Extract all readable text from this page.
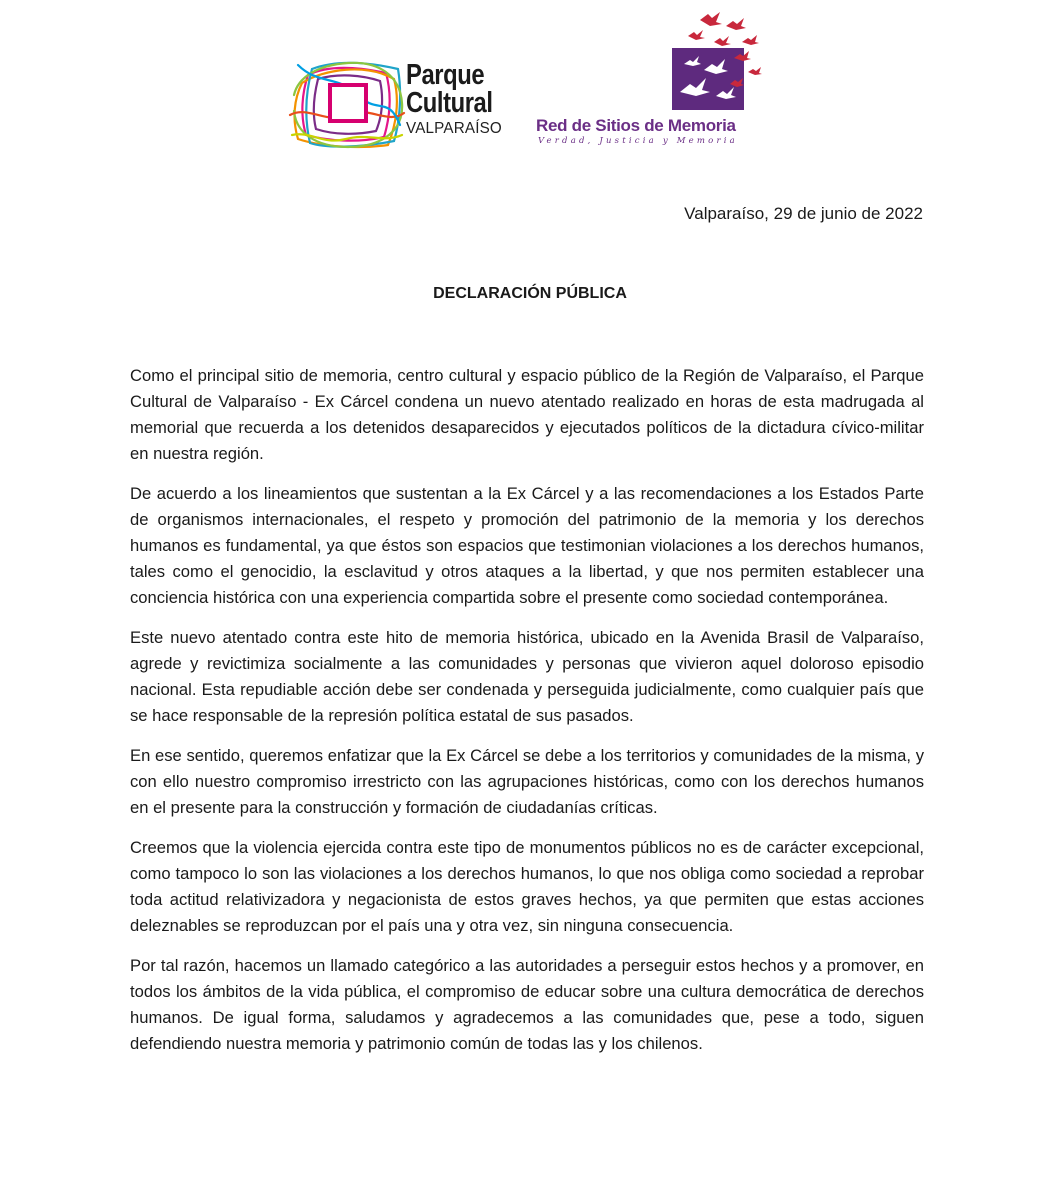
Parque
Cultural
VALPARAÍSO Red de Sitios de Memoria
Verdad, Justicia y Memoria
Valparaíso, 29 de junio de 2022
DECLARACIÓN PÚBLICA

Como el principal sitio de memoria, centro cultural y espacio público de la Región de Valparaíso, el Parque Cultural de Valparaíso - Ex Cárcel condena un nuevo atentado realizado en horas de esta madrugada al memorial que recuerda a los detenidos desaparecidos y ejecutados políticos de la dictadura cívico-militar en nuestra región.

De acuerdo a los lineamientos que sustentan a la Ex Cárcel y a las recomendaciones a los Estados Parte de organismos internacionales, el respeto y promoción del patrimonio de la memoria y los derechos humanos es fundamental, ya que éstos son espacios que testimonian violaciones a los derechos humanos, tales como el genocidio, la esclavitud y otros ataques a la libertad, y que nos permiten establecer una conciencia histórica con una experiencia compartida sobre el presente como sociedad contemporánea.

Este nuevo atentado contra este hito de memoria histórica, ubicado en la Avenida Brasil de Valparaíso, agrede y revictimiza socialmente a las comunidades y personas que vivieron aquel doloroso episodio nacional. Esta repudiable acción debe ser condenada y perseguida judicialmente, como cualquier país que se hace responsable de la represión política estatal de sus pasados.

En ese sentido, queremos enfatizar que la Ex Cárcel se debe a los territorios y comunidades de la misma, y con ello nuestro compromiso irrestricto con las agrupaciones históricas, como con los derechos humanos en el presente para la construcción y formación de ciudadanías críticas.

Creemos que la violencia ejercida contra este tipo de monumentos públicos no es de carácter excepcional, como tampoco lo son las violaciones a los derechos humanos, lo que nos obliga como sociedad a reprobar toda actitud relativizadora y negacionista de estos graves hechos, ya que permiten que estas acciones deleznables se reproduzcan por el país una y otra vez, sin ninguna consecuencia.

Por tal razón, hacemos un llamado categórico a las autoridades a perseguir estos hechos y a promover, en todos los ámbitos de la vida pública, el compromiso de educar sobre una cultura democrática de derechos humanos. De igual forma, saludamos y agradecemos a las comunidades que, pese a todo, siguen defendiendo nuestra memoria y patrimonio común de todas las y los chilenos.
